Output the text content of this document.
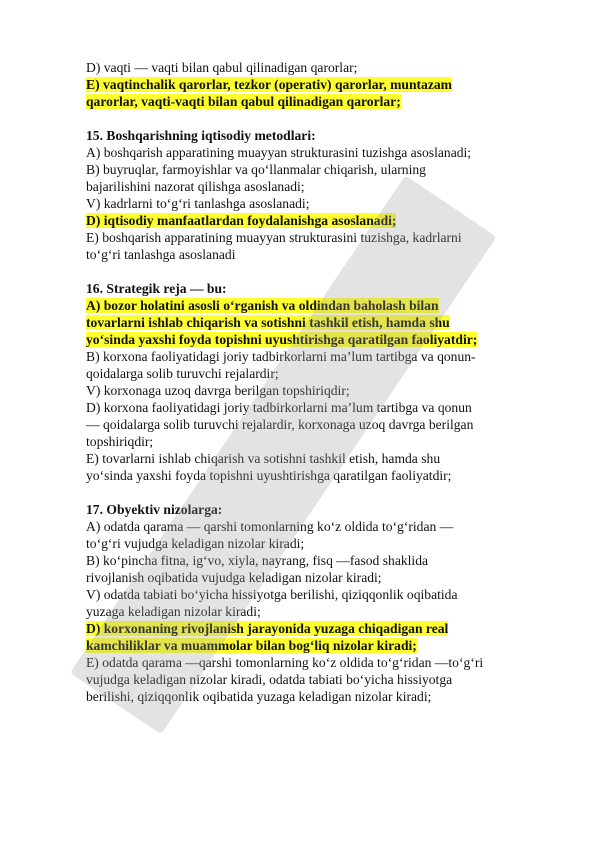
D) vaqti — vaqti bilan qabul qilinadigan qarorlar;
E) vaqtinchalik qarorlar, tezkor (operativ) qarorlar, muntazam
qarorlar, vaqti-vaqti bilan qabul qilinadigan qarorlar;
15. Boshqarishning iqtisodiy metodlari:
A) boshqarish apparatining muayyan strukturasini tuzishga asoslanadi;
B) buyruqlar, farmoyishlar va qo‘llanmalar chiqarish, ularning
bajarilishini nazorat qilishga asoslanadi;
V) kadrlarni to‘g‘ri tanlashga asoslanadi;
D) iqtisodiy manfaatlardan foydalanishga asoslanadi;
E) boshqarish apparatining muayyan strukturasini tuzishga, kadrlarni
to‘g‘ri tanlashga asoslanadi
16. Strategik reja — bu:
A) bozor holatini asosli o‘rganish va oldindan baholash bilan
tovarlarni ishlab chiqarish va sotishni tashkil etish, hamda shu
yo‘sinda yaxshi foyda topishni uyushtirishga qaratilgan faoliyatdir;
B) korxona faoliyatidagi joriy tadbirkorlarni ma’lum tartibga va qonun-
qoidalarga solib turuvchi rejalardir;
V) korxonaga uzoq davrga berilgan topshiriqdir;
D) korxona faoliyatidagi joriy tadbirkorlarni ma’lum tartibga va qonun
— qoidalarga solib turuvchi rejalardir, korxonaga uzoq davrga berilgan
topshiriqdir;
E) tovarlarni ishlab chiqarish va sotishni tashkil etish, hamda shu
yo‘sinda yaxshi foyda topishni uyushtirishga qaratilgan faoliyatdir;
17. Obyektiv nizolarga:
A) odatda qarama — qarshi tomonlarning ko‘z oldida to‘g‘ridan —
to‘g‘ri vujudga keladigan nizolar kiradi;
B) ko‘pincha fitna, ig‘vo, xiyla, nayrang, fisq —fasod shaklida
rivojlanish oqibatida vujudga keladigan nizolar kiradi;
V) odatda tabiati bo‘yicha hissiyotga berilishi, qiziqqonlik oqibatida
yuzaga keladigan nizolar kiradi;
D) korxonaning rivojlanish jarayonida yuzaga chiqadigan real
kamchiliklar va muammolar bilan bog‘liq nizolar kiradi;
E) odatda qarama —qarshi tomonlarning ko‘z oldida to‘g‘ridan —to‘g‘ri
vujudga keladigan nizolar kiradi, odatda tabiati bo‘yicha hissiyotga
berilishi, qiziqqonlik oqibatida yuzaga keladigan nizolar kiradi;
